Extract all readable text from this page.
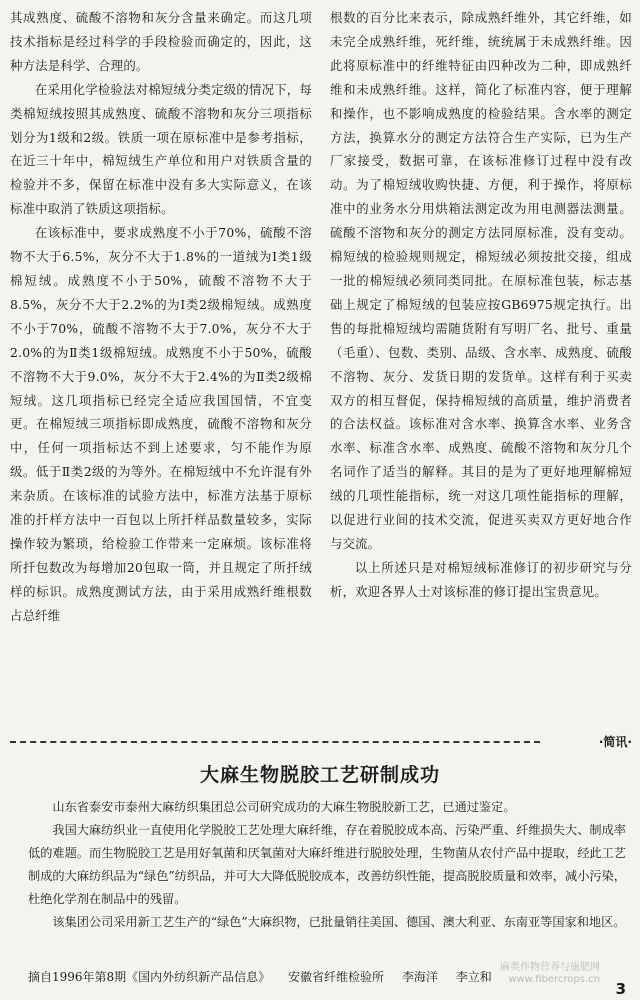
其成熟度、硫酸不溶物和灰分含量来确定。而这几项技术指标是经过科学的手段检验而确定的，因此，这种方法是科学、合理的。

在采用化学检验法对棉短绒分类定级的情况下，每类棉短绒按照其成熟度、硫酸不溶物和灰分三项指标划分为1级和2级。铁质一项在原标准中是参考指标，在近三十年中，棉短绒生产单位和用户对铁质含量的检验并不多，保留在标准中没有多大实际意义，在该标准中取消了铁质这项指标。

在该标准中，要求成熟度不小于70%，硫酸不溶物不大于6.5%，灰分不大于1.8%的一道绒为Ⅰ类1级棉短绒。成熟度不小于50%，硫酸不溶物不大于8.5%，灰分不大于2.2%的为Ⅰ类2级棉短绒。成熟度不小于70%，硫酸不溶物不大于7.0%，灰分不大于2.0%的为Ⅱ类1级棉短绒。成熟度不小于50%，硫酸不溶物不大于9.0%，灰分不大于2.4%的为Ⅱ类2级棉短绒。这几项指标已经完全适应我国国情，不宜变更。在棉短绒三项指标即成熟度，硫酸不溶物和灰分中，任何一项指标达不到上述要求，匀不能作为原级。低于Ⅱ类2级的为等外。在棉短绒中不允许混有外来杂质。在该标准的试验方法中，标准方法基于原标准的扦样方法中一百包以上所扦样品数量较多，实际操作较为繁琐，给检验工作带来一定麻烦。该标准将所扦包数改为每增加20包取一筒，并且规定了所扦绒样的标识。成熟度测试方法，由于采用成熟纤维根数占总纤维

根数的百分比来表示，除成熟纤维外，其它纤维，如未完全成熟纤维，死纤维，统统属于未成熟纤维。因此将原标准中的纤维特征由四种改为二种，即成熟纤维和未成熟纤维。这样，简化了标准内容，便于理解和操作，也不影响成熟度的检验结果。含水率的测定方法，换算水分的测定方法符合生产实际，已为生产厂家接受，数据可靠，在该标准修订过程中没有改动。为了棉短绒收购快捷、方便，利于操作，将原标准中的业务水分用烘箱法测定改为用电测器法测量。硫酸不溶物和灰分的测定方法同原标准，没有变动。棉短绒的检验规则规定，棉短绒必须按批交接，组成一批的棉短绒必须同类同批。在原标准包装，标志基础上规定了棉短绒的包装应按GB6975规定执行。出售的每批棉短绒均需随货附有写明厂名、批号、重量（毛重）、包数、类别、品级、含水率、成熟度、硫酸不溶物、灰分、发货日期的发货单。这样有利于买卖双方的相互督促，保持棉短绒的高质量，维护消费者的合法权益。该标准对含水率、换算含水率、业务含水率、标准含水率、成熟度、硫酸不溶物和灰分几个名词作了适当的解释。其目的是为了更好地理解棉短绒的几项性能指标，统一对这几项性能指标的理解，以促进行业间的技术交流，促进买卖双方更好地合作与交流。

以上所述只是对棉短绒标准修订的初步研究与分析，欢迎各界人士对该标准的修订提出宝贵意见。

·简讯·
大麻生物脱胶工艺研制成功

山东省泰安市泰州大麻纺织集团总公司研究成功的大麻生物脱胶新工艺，已通过鉴定。

我国大麻纺织业一直使用化学脱胶工艺处理大麻纤维，存在着脱胶成本高、污染严重、纤维损失大、制成率低的难题。而生物脱胶工艺是用好氧菌和厌氧菌对大麻纤维进行脱胶处理，生物菌从农付产品中提取，经此工艺制成的大麻纺织品为“绿色”纺织品，并可大大降低脱胶成本，改善纺织性能，提高脱胶质量和效率，减小污染，杜绝化学剂在制品中的残留。

该集团公司采用新工艺生产的“绿色”大麻织物，已批量销往美国、德国、澳大利亚、东南亚等国家和地区。

摘自1996年第8期《国内外纺织新产品信息》 安徽省纤维检验所 李海洋 李立和
麻类作物营养与施肥网
www.fibercrops.cn
3
